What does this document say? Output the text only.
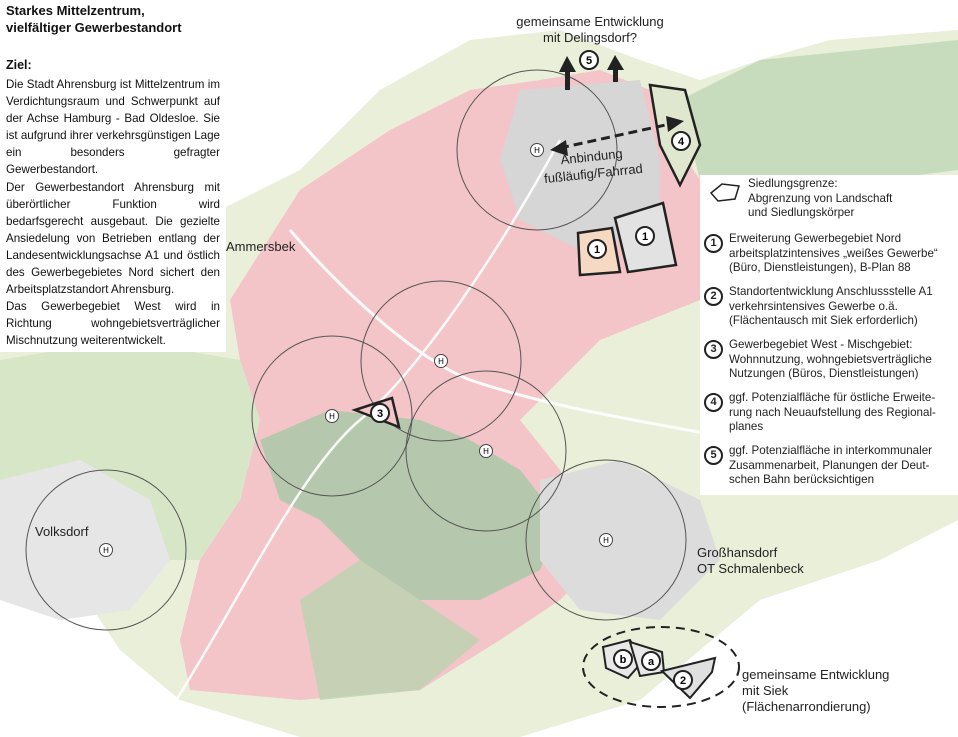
H
H
H
H
H
H
5
4
1
1
3
b a
2
Starkes Mittelzentrum,
vielfältiger Gewerbestandort
Ziel:
Die Stadt Ahrensburg ist Mittelzentrum im Verdichtungsraum und Schwerpunkt auf der Achse Hamburg - Bad Oldesloe. Sie ist aufgrund ihrer verkehrsgünstigen Lage ein besonders gefragter Gewerbestandort.
Der Gewerbestandort Ahrensburg mit überörtlicher Funktion wird bedarfsgerecht ausgebaut. Die gezielte Ansiedelung von Betrieben entlang der Landesentwicklungsachse A1 und östlich des Gewerbegebietes Nord sichert den Arbeitsplatzstandort Ahrensburg.
Das Gewerbegebiet West wird in Richtung wohngebietsverträglicher Mischnutzung weiterentwickelt.
Ammersbek
Volksdorf
Großhansdorf
OT Schmalenbeck
gemeinsame Entwicklung
mit Delingsdorf?
Anbindung
fußläufig/Fahrrad
gemeinsame Entwicklung
mit Siek
(Flächenarrondierung)
Siedlungsgrenze:
Abgrenzung von Landschaft
und Siedlungskörper
1	Erweiterung Gewerbegebiet Nord
arbeitsplatzintensives „weißes Gewerbe“
(Büro, Dienstleistungen), B-Plan 88
2	Standortentwicklung Anschlussstelle A1
verkehrsintensives Gewerbe o.ä.
(Flächentausch mit Siek erforderlich)
3	Gewerbegebiet West - Mischgebiet:
Wohnnutzung, wohngebietsverträgliche
Nutzungen (Büros, Dienstleistungen)
4	ggf. Potenzialfläche für östliche Erweite-
rung nach Neuaufstellung des Regional-
planes
5	ggf. Potenzialfläche in interkommunaler
Zusammenarbeit, Planungen der Deut-
schen Bahn berücksichtigen
